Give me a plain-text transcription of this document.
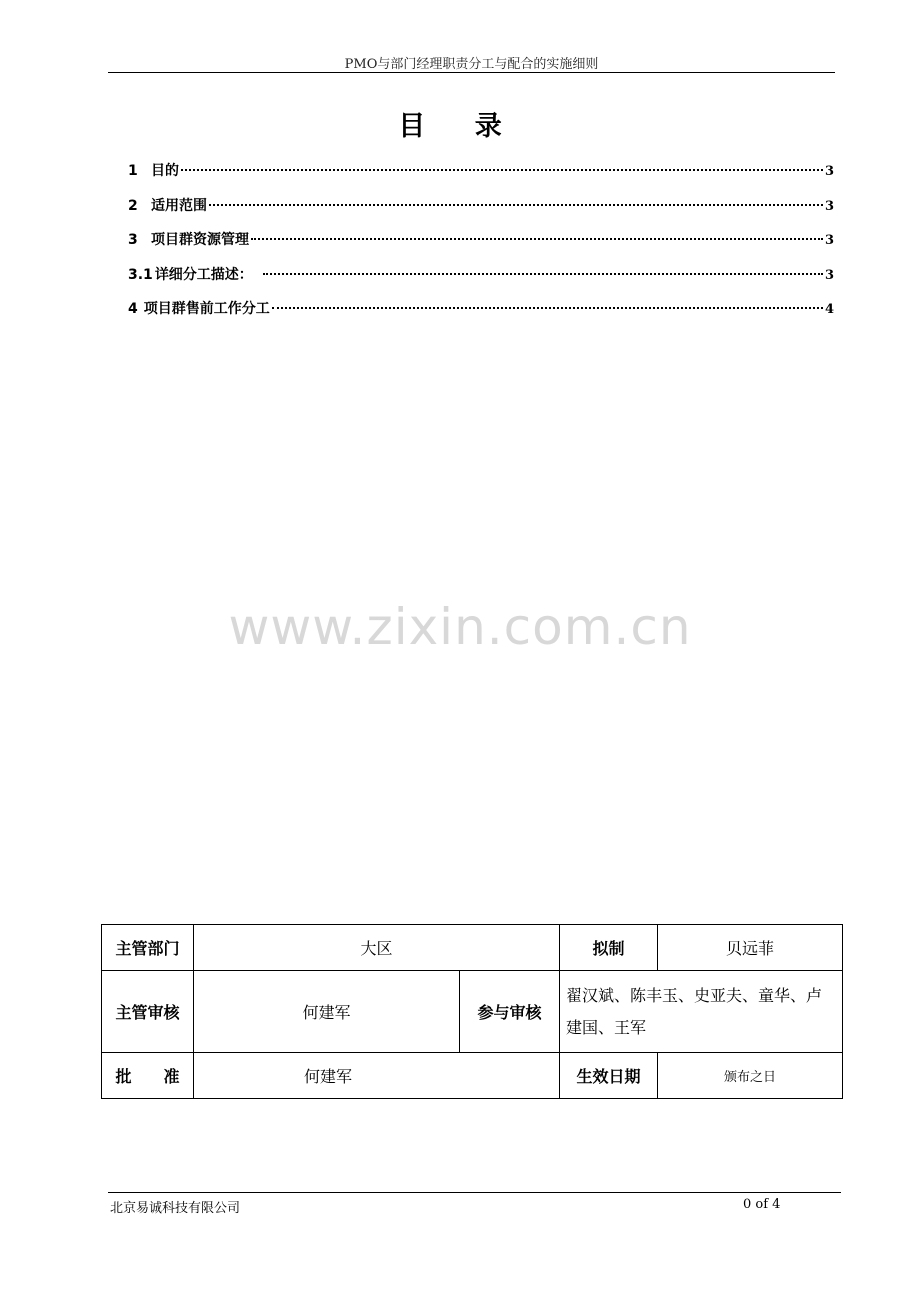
PMO与部门经理职责分工与配合的实施细则
目 录
1 目的	3
2 适用范围	3
3 项目群资源管理	3
3.1 详细分工描述：	3
4 项目群售前工作分工	4
www.zixin.com.cn
主管部门	大区		拟制	贝远菲
主管审核	何建军	参与审核	翟汉斌、陈丰玉、史亚夫、童华、卢建国、王军	
批　　准	何建军		生效日期	颁布之日
北京易诚科技有限公司	0 of 4
